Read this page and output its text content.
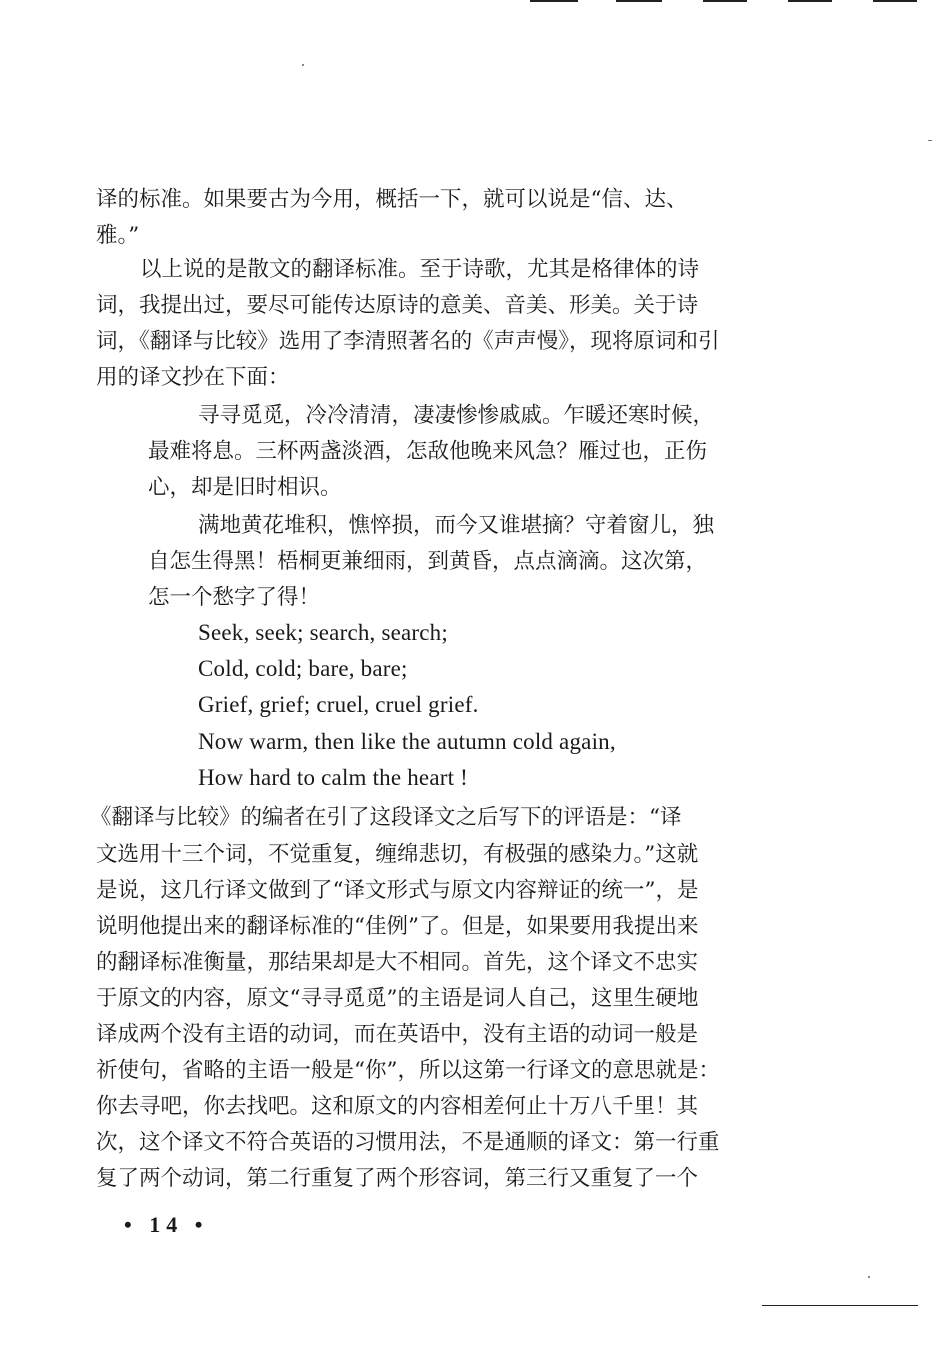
译的标准。如果要古为今用，概括一下，就可以说是“信、达、
雅。”
以上说的是散文的翻译标准。至于诗歌，尤其是格律体的诗
词，我提出过，要尽可能传达原诗的意美、音美、形美。关于诗
词，《翻译与比较》选用了李清照著名的《声声慢》，现将原词和引
用的译文抄在下面：
寻寻觅觅，冷冷清清，凄凄惨惨戚戚。乍暖还寒时候，
最难将息。三杯两盏淡酒，怎敌他晚来风急？雁过也，正伤
心，却是旧时相识。
满地黄花堆积，憔悴损，而今又谁堪摘？守着窗儿，独
自怎生得黑！梧桐更兼细雨，到黄昏，点点滴滴。这次第，
怎一个愁字了得！
Seek, seek; search, search;
Cold, cold; bare, bare;
Grief, grief; cruel, cruel grief.
Now warm, then like the autumn cold again,
How hard to calm the heart !
《翻译与比较》的编者在引了这段译文之后写下的评语是：“译
文选用十三个词，不觉重复，缠绵悲切，有极强的感染力。”这就
是说，这几行译文做到了“译文形式与原文内容辩证的统一”，是
说明他提出来的翻译标准的“佳例”了。但是，如果要用我提出来
的翻译标准衡量，那结果却是大不相同。首先，这个译文不忠实
于原文的内容，原文“寻寻觅觅”的主语是词人自己，这里生硬地
译成两个没有主语的动词，而在英语中，没有主语的动词一般是
祈使句，省略的主语一般是“你”，所以这第一行译文的意思就是：
你去寻吧，你去找吧。这和原文的内容相差何止十万八千里！其
次，这个译文不符合英语的习惯用法，不是通顺的译文：第一行重
复了两个动词，第二行重复了两个形容词，第三行又重复了一个
• 14 •
